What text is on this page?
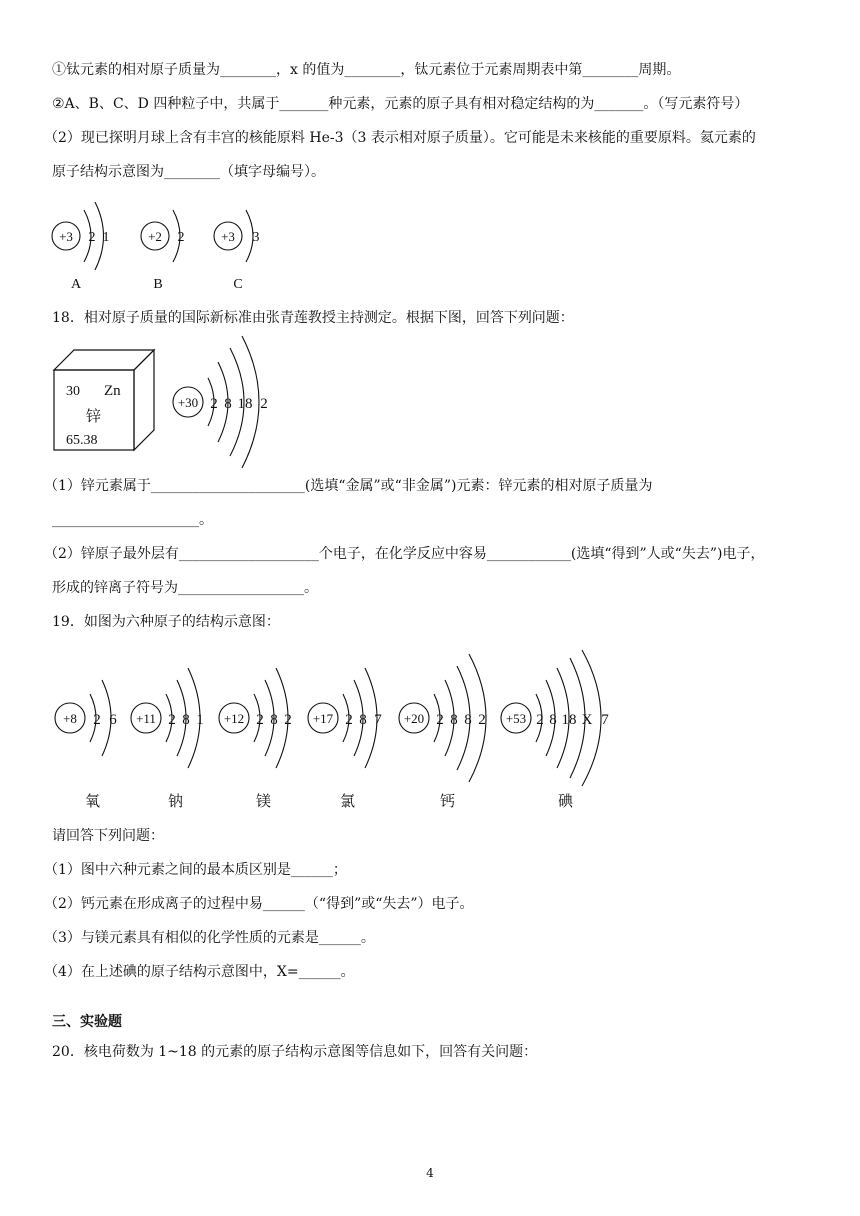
①钛元素的相对原子质量为________，x 的值为________，钛元素位于元素周期表中第________周期。
②A、B、C、D 四种粒子中，共属于_______种元素，元素的原子具有相对稳定结构的为_______。（写元素符号）
（2）现已探明月球上含有丰宫的核能原料 He-3（3 表示相对原子质量）。它可能是未来核能的重要原料。氦元素的
原子结构示意图为________（填字母编号）。
+3 2 1
A
+2 2
B
+3 3
C
18．相对原子质量的国际新标准由张青莲教授主持测定。根据下图，回答下列问题：
30 Zn
锌
65.38
+30 2 8 18 2
（1）锌元素属于______________________(选填“金属”或“非金属”)元素：锌元素的相对原子质量为
_____________________。
（2）锌原子最外层有____________________个电子，在化学反应中容易____________(选填“得到”人或“失去”)电子，
形成的锌离子符号为__________________。
19．如图为六种原子的结构示意图：
+8 2 6 +11 2 8 1 +12 2 8 2 +17 2 8 7 +20 2 8 8 2 +53 2 8 18 X 7
氧	钠	镁	氯	钙	碘
请回答下列问题：
（1）图中六种元素之间的最本质区别是______；
（2）钙元素在形成离子的过程中易______（“得到”或“失去”）电子。
（3）与镁元素具有相似的化学性质的元素是______。
（4）在上述碘的原子结构示意图中，X=______。
三、实验题
20．核电荷数为 1~18 的元素的原子结构示意图等信息如下，回答有关问题：
4
